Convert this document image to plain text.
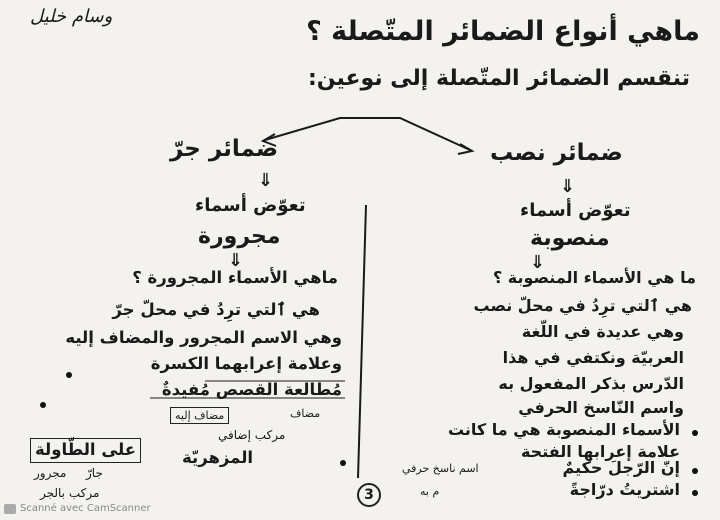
وسام خليل	ماهي أنواع الضمائر المتّصلة ؟
تنقسم الضمائر المتّصلة إلى نوعين:
ضمائر جرّ
⇓
تعوّض أسماء
مجرورة
⇓
ماهي الأسماء المجرورة ؟
هي ٱلتي ترِدُ في محلّ جرّ
وهي الاسم المجرور والمضاف إليه
وعلامة إعرابهما الكسرة
مُطالعة القصص مُفيدةٌ
مضاف
مضاف إليه
مركب إضافي
المزهريّة
على الطّاولة
جارّ
مجرور
مركب بالجر
ضمائر نصب
⇓
تعوّض أسماء
منصوبة
⇓
ما هي الأسماء المنصوبة ؟
هي ٱلتي ترِدُ في محلّ نصب
وهي عديدة في اللّغة
العربيّة ونكتفي في هذا
الدّرس بذكر المفعول به
واسم النّاسخ الحرفي
الأسماء المنصوبة هي ما كانت
علامة إعرابها الفتحة
إنّ الرّجلَ حكيمٌ
اسم ناسخ حرفي
اشتريتُ درّاجةً
م به
3
Scanné avec CamScanner
